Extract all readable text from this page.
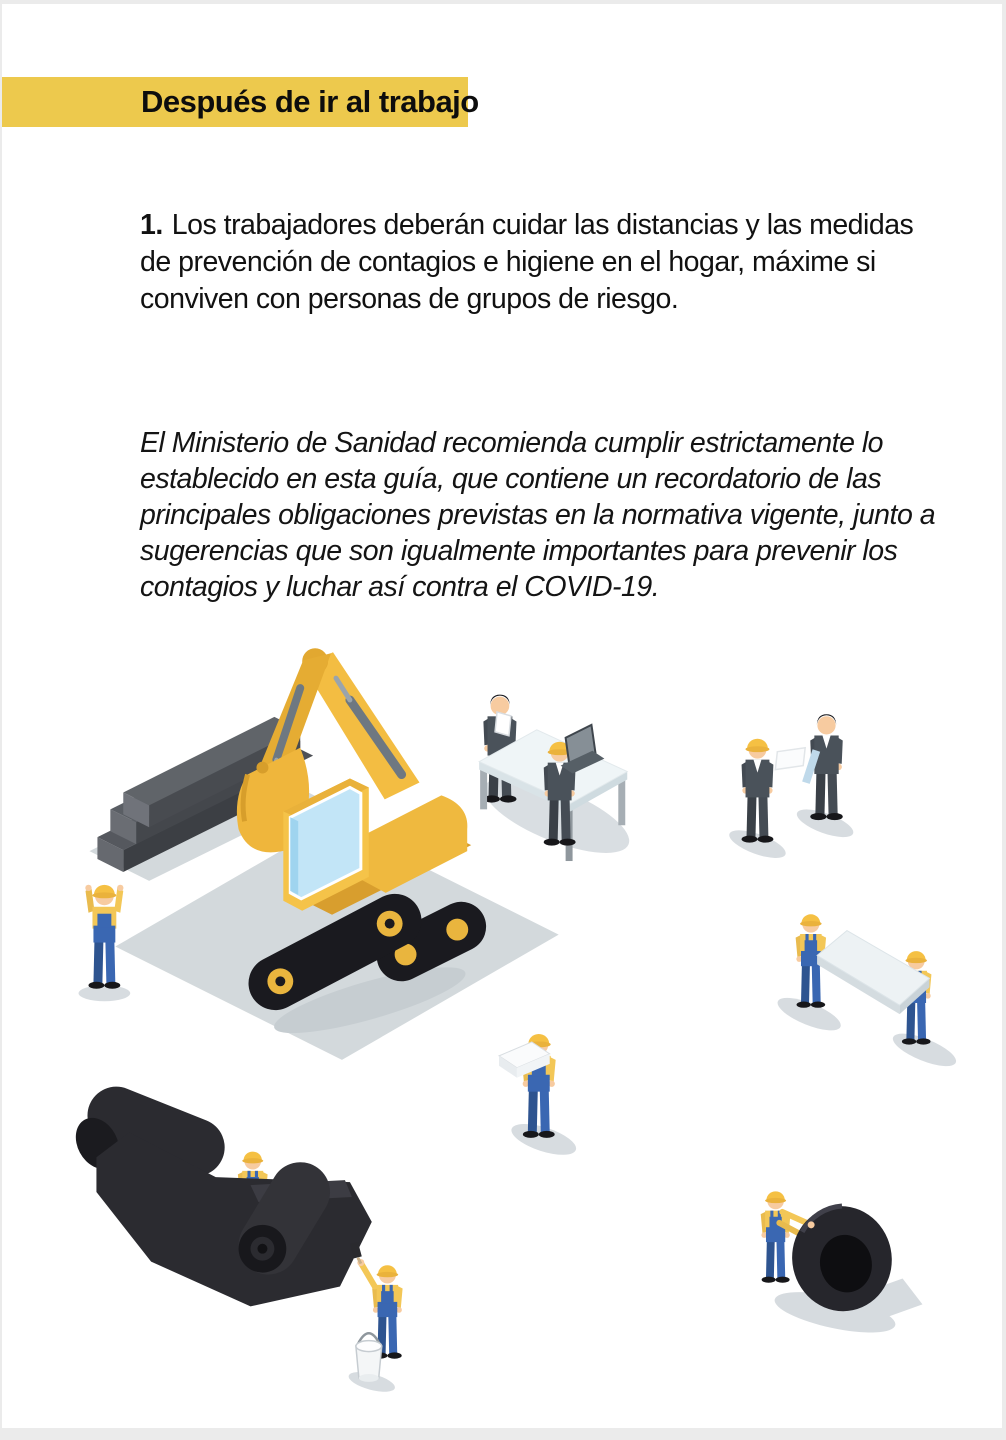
Después de ir al trabajo

1. Los trabajadores deberán cuidar las distancias y las medidas de prevención de contagios e higiene en el hogar, máxime si conviven con personas de grupos de riesgo.

El Ministerio de Sanidad recomienda cumplir estrictamente lo establecido en esta guía, que contiene un recordatorio de las principales obligaciones previstas en la normativa vigente, junto a sugerencias que son igualmente importantes para prevenir los contagios y luchar así contra el COVID-19.
